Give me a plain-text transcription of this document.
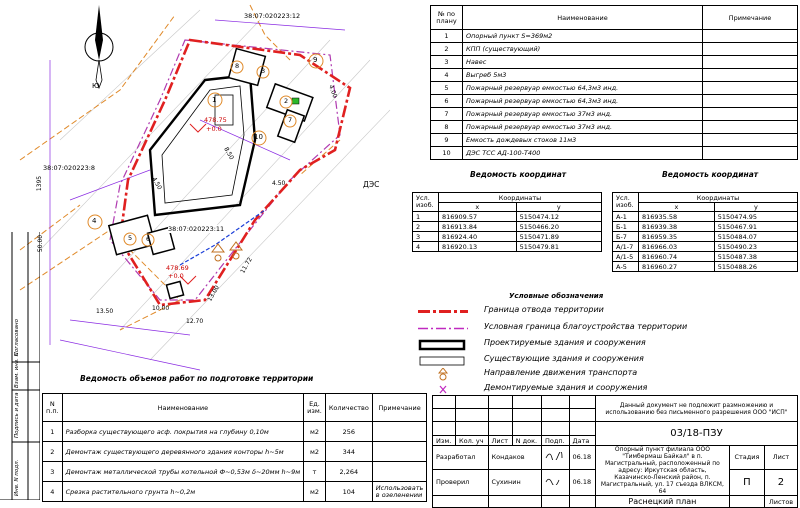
38:07:020223:12
38:07:020223:8
38:07:020223:11
ДЭС
Ю
478.75
+0.0
478.69
+0.0
1	2
3
4
5 6
7
8
9
10
1395
50.00
13.50
4.50
8.50
4.50
11.72
13.00
10.00
12.70
4.00
№ по плану	Наименование	Примечание
1	Опорный пункт S=369м2	
2	КПП (существующий)	
3	Навес	
4	Выгреб 5м3	
5	Пожарный резервуар емкостью 64,3м3 инд.	
6	Пожарный резервуар емкостью 64,3м3 инд.	
7	Пожарный резервуар емкостью 37м3 инд.	
8	Пожарный резервуар емкостью 37м3 инд.	
9	Емкость дождевых стоков 11м3	
10	ДЭС ТСС АД-100-Т400	
Ведомость координат
Усл. изоб.	Координаты	
	x	y
1	816909.57	5150474.12
2	816913.84	5150466.20
3	816924.40	5150471.89
4	816920.13	5150479.81
Ведомость координат
Усл. изоб.	Координаты	
	x	y
А-1	816935.58	5150474.95
Б-1	816939.38	5150467.91
Б-7	816959.35	5150484.07
А/1-7	816966.03	5150490.23
А/1-5	816960.74	5150487.38
А-5	816960.27	5150488.26
Условные обозначения
Граница отвода территории
Условная граница благоустройства территории
Проектируемые здания и сооружения
Существующие здания и сооружения
Направление движения транспорта
Демонтируемые здания и сооружения
Согласовано
Взам. инв. N
Подпись и дата
Инв. N подл.
Ведомость объемов работ по подготовке территории
N п.п.	Наименование	Ед. изм.	Количество	Примечание
1	Разборка существующего асф. покрытия на глубину 0,10м	м2	256	
2	Демонтаж существующего деревянного здания конторы h~5м	м2	344	
3	Демонтаж металлической трубы котельной Ф~0,53м δ~20мм h~9м	т	2,264	
4	Срезка растительного грунта h~0,2м	м2	104	Использовать в озеленении
						Данный документ не подлежит размножению и использованию без письменного разрешения ООО "ИСП"		

						03/18-ПЗУ		
Изм.	Кол. уч	Лист	N док.	Подп.	Дата			
Разработал		Кондаков			06.18	Опорный пункт филиала ООО "Тимбермаш Байкал" в п. Магистральный, расположенный по адресу: Иркутская область, Казачинско-Ленский район, п. Магистральный, ул. 17 съезда ВЛКСМ, 64	Стадия	Лист
Проверил		Сухинин			06.18		П	2
						Раснецкий план		Листов
